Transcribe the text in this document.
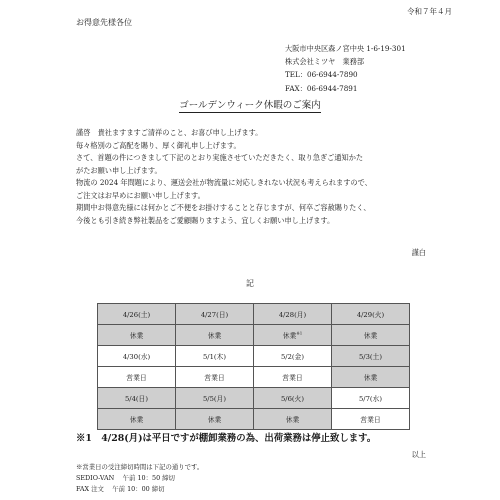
令和７年４月
お得意先様各位
大阪市中央区森ノ宮中央 1-6-19-301
株式会社ミツヤ　業務部
TEL：06-6944-7890
FAX：06-6944-7891
ゴールデンウィーク休暇のご案内
謹啓　貴社ますますご清祥のこと、お喜び申し上げます。
毎々格別のご高配を賜り、厚く御礼申し上げます。
さて、首題の件につきまして下記のとおり実施させていただきたく、取り急ぎご通知かた
がたお願い申し上げます。
物流の 2024 年問題により、運送会社が物流量に対応しきれない状況も考えられますので、
ご注文はお早めにお願い申し上げます。
期間中お得意先様には何かとご不便をお掛けすることと存じますが、何卒ご容赦賜りたく、
今後とも引き続き弊社製品をご愛顧賜りますよう、宜しくお願い申し上げます。
謹白
記
4/26(土)	4/27(日)	4/28(月)	4/29(火)
休業	休業	休業$^{※1}$	休業
4/30(水)	5/1(木)	5/2(金)	5/3(土)
営業日	営業日	営業日	休業
5/4(日)	5/5(月)	5/6(火)	5/7(水)
休業	休業	休業	営業日
※1　4/28(月)は平日ですが棚卸業務の為、出荷業務は停止致します。
以上
※営業日の受注締切時間は下記の通りです。
SEDIO-VAN　 午前 10：50 締切
FAX 注文　 午前 10：00 締切
